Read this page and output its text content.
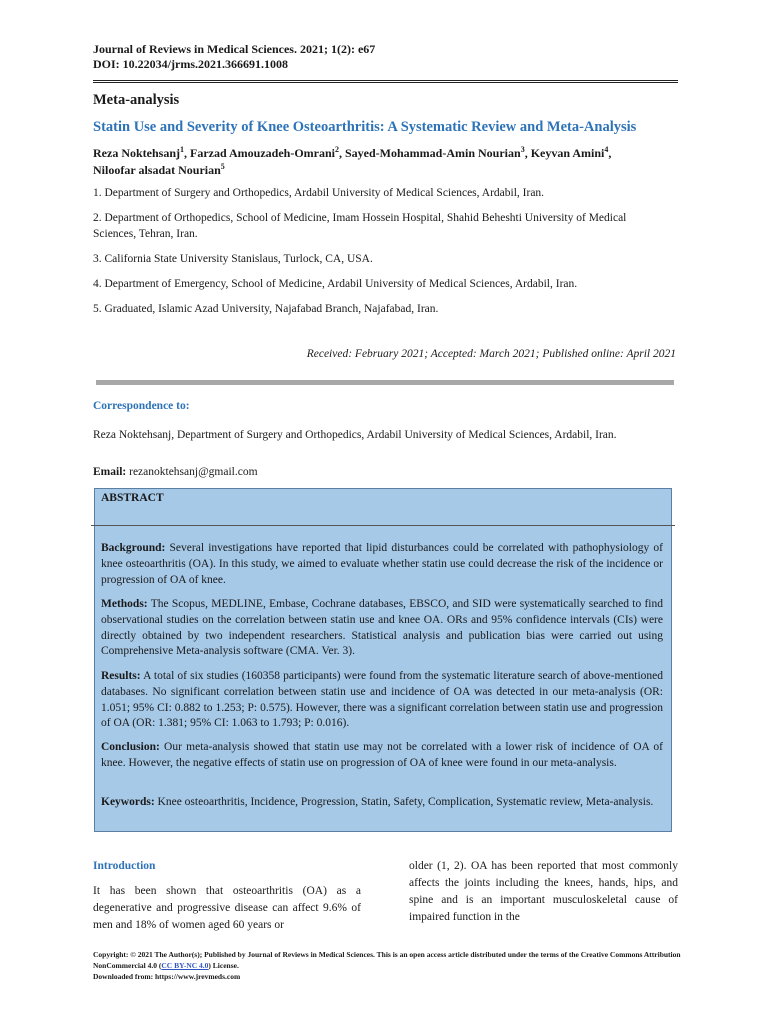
Journal of Reviews in Medical Sciences. 2021; 1(2): e67
DOI: 10.22034/jrms.2021.366691.1008
Meta-analysis
Statin Use and Severity of Knee Osteoarthritis: A Systematic Review and Meta-Analysis
Reza Noktehsanj$^1$, Farzad Amouzadeh-Omrani$^2$, Sayed-Mohammad-Amin Nourian$^3$, Keyvan Amini$^4$,
Niloofar alsadat Nourian$^5$
1. Department of Surgery and Orthopedics, Ardabil University of Medical Sciences, Ardabil, Iran.
2. Department of Orthopedics, School of Medicine, Imam Hossein Hospital, Shahid Beheshti University of Medical Sciences, Tehran, Iran.
3. California State University Stanislaus, Turlock, CA, USA.
4. Department of Emergency, School of Medicine, Ardabil University of Medical Sciences, Ardabil, Iran.
5. Graduated, Islamic Azad University, Najafabad Branch, Najafabad, Iran.
Received: February 2021; Accepted: March 2021; Published online: April 2021
Correspondence to:
Reza Noktehsanj, Department of Surgery and Orthopedics, Ardabil University of Medical Sciences, Ardabil, Iran.
Email: rezanoktehsanj@gmail.com
ABSTRACT
Background: Several investigations have reported that lipid disturbances could be correlated with pathophysiology of knee osteoarthritis (OA). In this study, we aimed to evaluate whether statin use could decrease the risk of the incidence or progression of OA of knee.
Methods: The Scopus, MEDLINE, Embase, Cochrane databases, EBSCO, and SID were systematically searched to find observational studies on the correlation between statin use and knee OA. ORs and 95% confidence intervals (CIs) were directly obtained by two independent researchers. Statistical analysis and publication bias were carried out using Comprehensive Meta-analysis software (CMA. Ver. 3).
Results: A total of six studies (160358 participants) were found from the systematic literature search of above-mentioned databases. No significant correlation between statin use and incidence of OA was detected in our meta-analysis (OR: 1.051; 95% CI: 0.882 to 1.253; P: 0.575). However, there was a significant correlation between statin use and progression of OA (OR: 1.381; 95% CI: 1.063 to 1.793; P: 0.016).
Conclusion: Our meta-analysis showed that statin use may not be correlated with a lower risk of incidence of OA of knee. However, the negative effects of statin use on progression of OA of knee were found in our meta-analysis.
Keywords: Knee osteoarthritis, Incidence, Progression, Statin, Safety, Complication, Systematic review, Meta-analysis.
Introduction
It has been shown that osteoarthritis (OA) as a degenerative and progressive disease can affect 9.6% of men and 18% of women aged 60 years or
older (1, 2). OA has been reported that most commonly affects the joints including the knees, hands, hips, and spine and is an important musculoskeletal cause of impaired function in the
Copyright: © 2021 The Author(s); Published by Journal of Reviews in Medical Sciences. This is an open access article distributed under the terms of the Creative Commons Attribution NonCommercial 4.0 (CC BY-NC 4.0) License.
Downloaded from: https://www.jrevmeds.com
